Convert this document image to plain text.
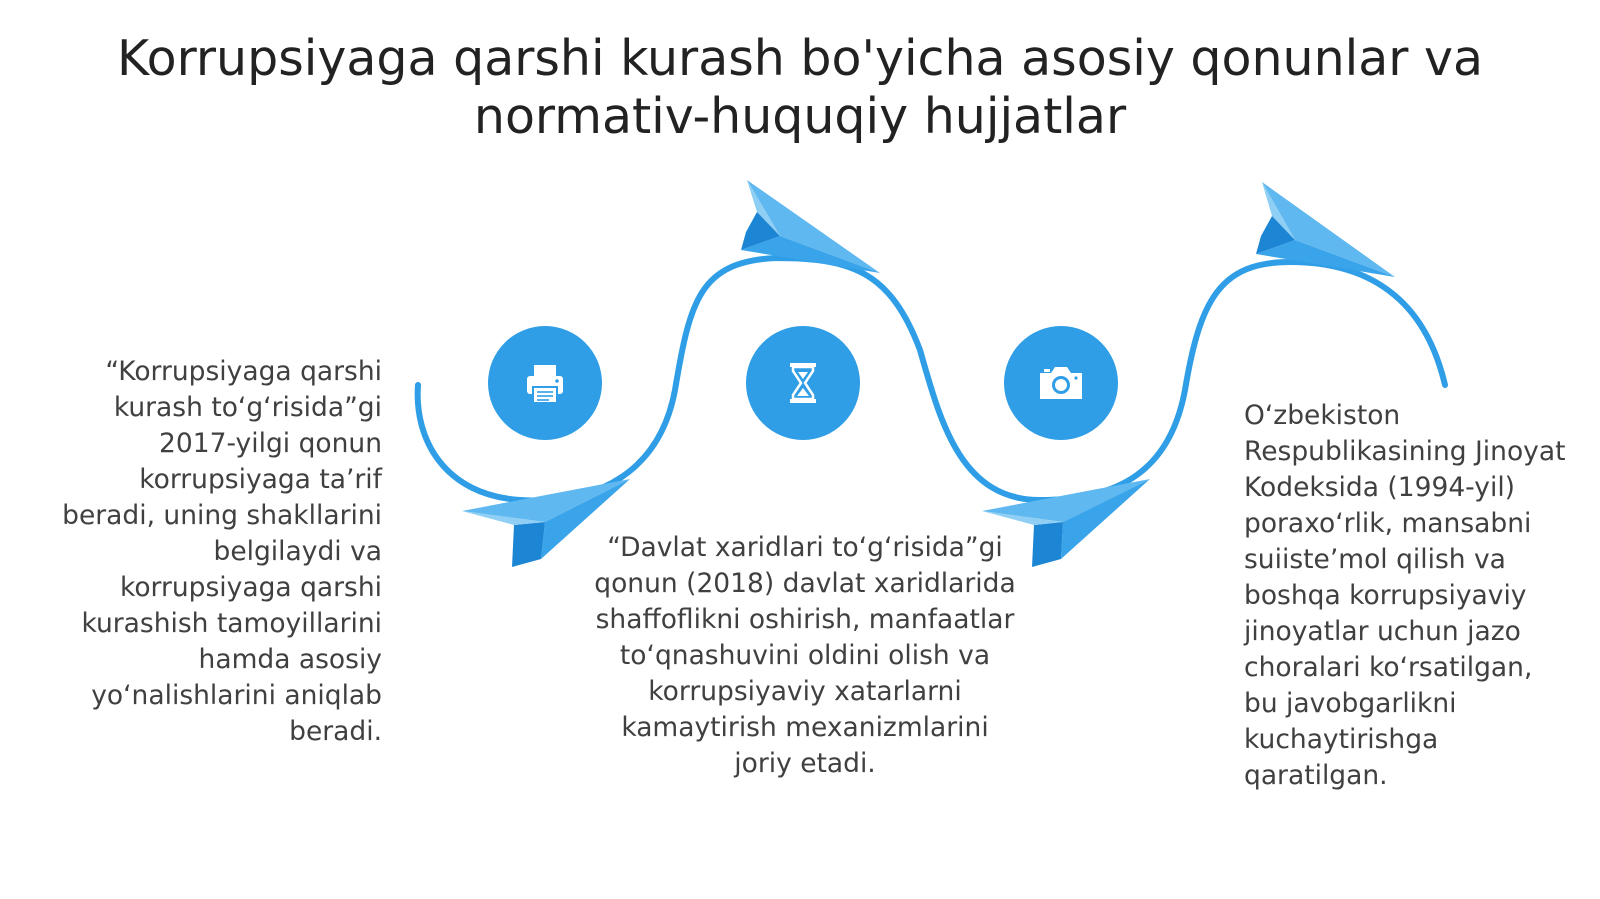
Korrupsiyaga qarshi kurash bo'yicha asosiy qonunlar va normativ-huquqiy hujjatlar

“Korrupsiyaga qarshi kurash to‘g‘risida”gi 2017-yilgi qonun korrupsiyaga ta’rif beradi, uning shakllarini belgilaydi va korrupsiyaga qarshi kurashish tamoyillarini hamda asosiy yo‘nalishlarini aniqlab beradi.

“Davlat xaridlari to‘g‘risida”gi qonun (2018) davlat xaridlarida shaffoflikni oshirish, manfaatlar to‘qnashuvini oldini olish va korrupsiyaviy xatarlarni kamaytirish mexanizmlarini joriy etadi.

O‘zbekiston Respublikasining Jinoyat Kodeksida (1994-yil) poraxo‘rlik, mansabni suiiste’mol qilish va boshqa korrupsiyaviy jinoyatlar uchun jazo choralari ko‘rsatilgan, bu javobgarlikni kuchaytirishga qaratilgan.
